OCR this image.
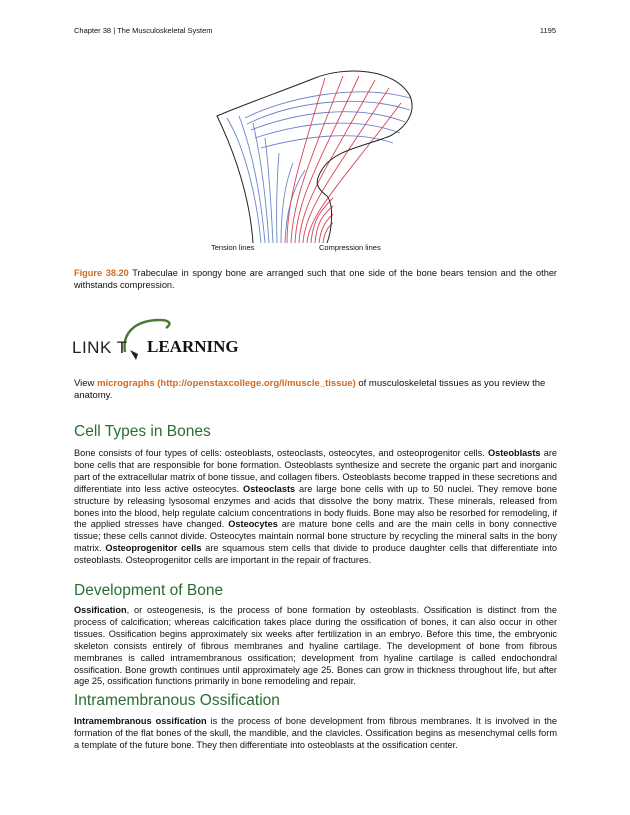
Chapter 38 | The Musculoskeletal System	1195
Tension lines	Compression lines
Figure 38.20 Trabeculae in spongy bone are arranged such that one side of the bone bears tension and the other withstands compression.
LINK T LEARNING
View micrographs (http://openstaxcollege.org/l/muscle_tissue) of musculoskeletal tissues as you review the anatomy.
Cell Types in Bones

Bone consists of four types of cells: osteoblasts, osteoclasts, osteocytes, and osteoprogenitor cells. Osteoblasts are bone cells that are responsible for bone formation. Osteoblasts synthesize and secrete the organic part and inorganic part of the extracellular matrix of bone tissue, and collagen fibers. Osteoblasts become trapped in these secretions and differentiate into less active osteocytes. Osteoclasts are large bone cells with up to 50 nuclei. They remove bone structure by releasing lysosomal enzymes and acids that dissolve the bony matrix. These minerals, released from bones into the blood, help regulate calcium concentrations in body fluids. Bone may also be resorbed for remodeling, if the applied stresses have changed. Osteocytes are mature bone cells and are the main cells in bony connective tissue; these cells cannot divide. Osteocytes maintain normal bone structure by recycling the mineral salts in the bony matrix. Osteoprogenitor cells are squamous stem cells that divide to produce daughter cells that differentiate into osteoblasts. Osteoprogenitor cells are important in the repair of fractures.

Development of Bone

Ossification, or osteogenesis, is the process of bone formation by osteoblasts. Ossification is distinct from the process of calcification; whereas calcification takes place during the ossification of bones, it can also occur in other tissues. Ossification begins approximately six weeks after fertilization in an embryo. Before this time, the embryonic skeleton consists entirely of fibrous membranes and hyaline cartilage. The development of bone from fibrous membranes is called intramembranous ossification; development from hyaline cartilage is called endochondral ossification. Bone growth continues until approximately age 25. Bones can grow in thickness throughout life, but after age 25, ossification functions primarily in bone remodeling and repair.

Intramembranous Ossification

Intramembranous ossification is the process of bone development from fibrous membranes. It is involved in the formation of the flat bones of the skull, the mandible, and the clavicles. Ossification begins as mesenchymal cells form a template of the future bone. They then differentiate into osteoblasts at the ossification center.
